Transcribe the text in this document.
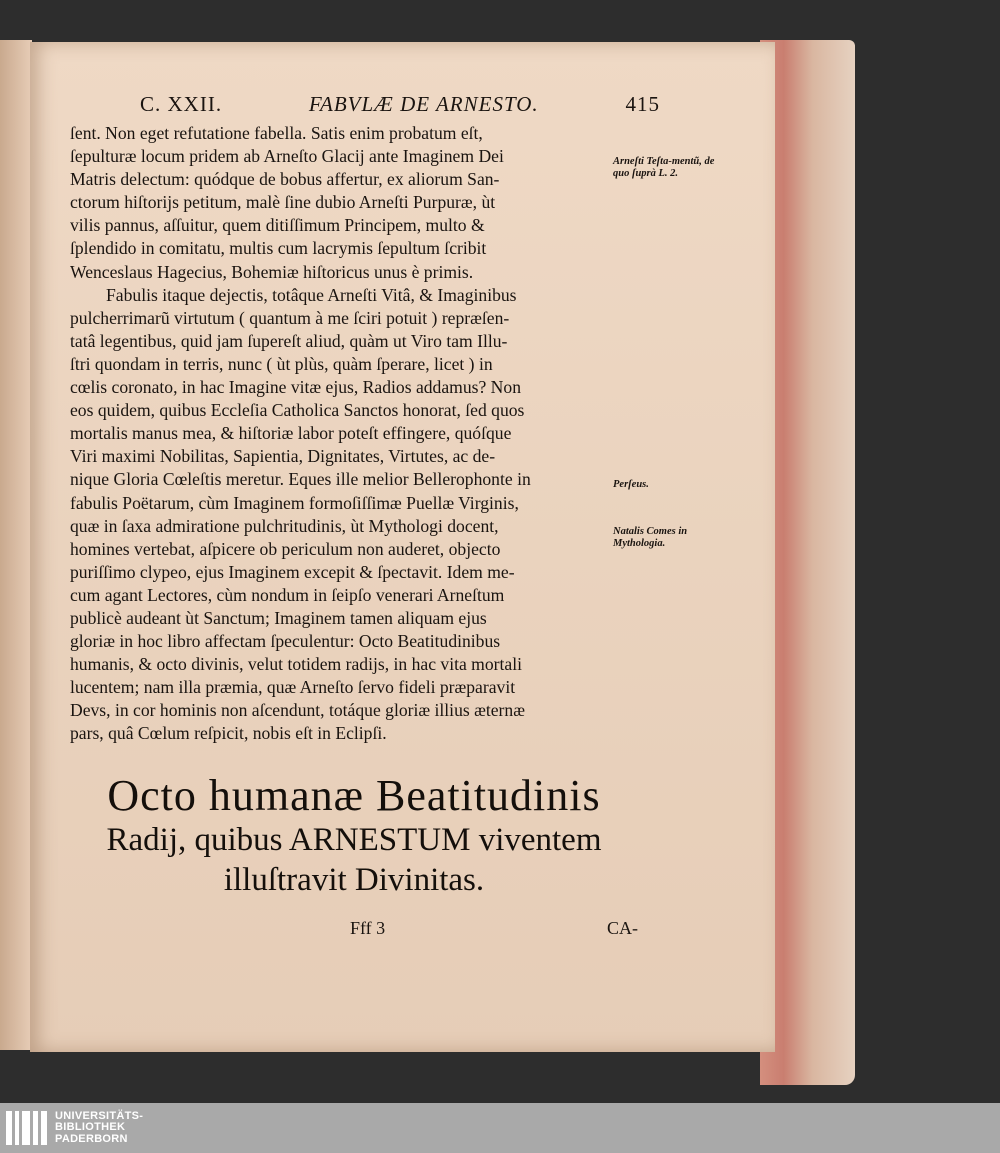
C. XXII.	FABVLÆ DE ARNESTO.	415

ſent. Non eget refutatione fabella. Satis enim probatum eſt,

ſepulturæ locum pridem ab Arneſto Glacij ante Imaginem Dei

Matris delectum: quódque de bobus affertur, ex aliorum San-

ctorum hiſtorijs petitum, malè ſine dubio Arneſti Purpuræ, ùt

vilis pannus, aſſuitur, quem ditiſſimum Principem, multo &

ſplendido in comitatu, multis cum lacrymis ſepultum ſcribit

Wenceslaus Hagecius, Bohemiæ hiſtoricus unus è primis.

Fabulis itaque dejectis, totâque Arneſti Vitâ, & Imaginibus

pulcherrimarũ virtutum ( quantum à me ſciri potuit ) repræſen-

tatâ legentibus, quid jam ſupereſt aliud, quàm ut Viro tam Illu-

ſtri quondam in terris, nunc ( ùt plùs, quàm ſperare, licet ) in

cœlis coronato, in hac Imagine vitæ ejus, Radios addamus? Non

eos quidem, quibus Eccleſia Catholica Sanctos honorat, ſed quos

mortalis manus mea, & hiſtoriæ labor poteſt effingere, quóſque

Viri maximi Nobilitas, Sapientia, Dignitates, Virtutes, ac de-

nique Gloria Cœleſtis meretur. Eques ille melior Bellerophonte in

fabulis Poëtarum, cùm Imaginem formoſiſſimæ Puellæ Virginis,

quæ in ſaxa admiratione pulchritudinis, ùt Mythologi docent,

homines vertebat, aſpicere ob periculum non auderet, objecto

puriſſimo clypeo, ejus Imaginem excepit & ſpectavit. Idem me-

cum agant Lectores, cùm nondum in ſeipſo venerari Arneſtum

publicè audeant ùt Sanctum; Imaginem tamen aliquam ejus

gloriæ in hoc libro affectam ſpeculentur: Octo Beatitudinibus

humanis, & octo divinis, velut totidem radijs, in hac vita mortali

lucentem; nam illa præmia, quæ Arneſto ſervo fideli præparavit

Devs, in cor hominis non aſcendunt, totáque gloriæ illius æternæ

pars, quâ Cœlum reſpicit, nobis eſt in Eclipſi.

Arneſti Teſta-mentũ, de quo ſuprà L. 2.
Perſeus.
Natalis Comes in Mythologia.
Octo humanæ Beatitudinis
Radij, quibus ARNESTUM viventem
illuſtravit Divinitas.
Fff 3	CA-
UNIVERSITÄTS-
BIBLIOTHEK
PADERBORN
